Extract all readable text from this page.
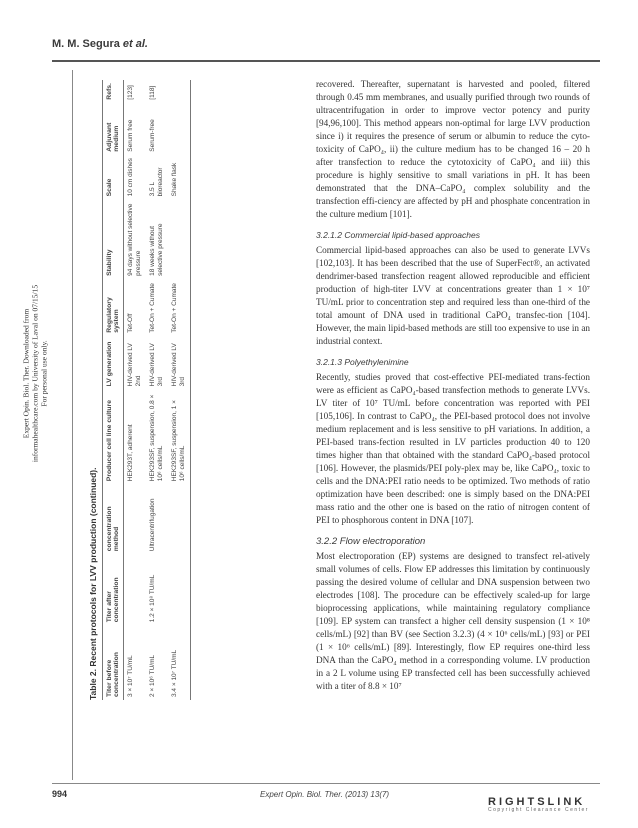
M. M. Segura et al.
Expert Opin. Biol. Ther. Downloaded from informahealthcare.com by University of Laval on 07/15/15 For personal use only.
Table 2. Recent protocols for LVV production (continued). Titer before concentration	Titer after concentration	concentration method	Producer cell line culture	LV generation	Regulatory system	Stability	Scale	Adjuvant medium	Refs.
3 × 10⁷ TU/mL			HEK293T, adherent	HIV-derived LV 2nd	Tet-Off	94 days without selective pressure	10 cm dishes	Serum free	[123]
2 × 10⁶ TU/mL	1.2 × 10⁸ TU/mL	Ultracentrifugation	HEK293SF, suspension, 0.8 × 10⁶ cells/mL	HIV-derived LV 3rd	Tet-On + Cumate	18 weeks without selective pressure	3.5 L bioreactor	Serum-free	[118]
3.4 × 10⁷ TU/mL			HEK293SF, suspension, 1 × 10⁶ cells/mL	HIV-derived LV 3rd	Tet-On + Cumate		Shake flask		

recovered. Thereafter, supernatant is harvested and pooled, filtered through 0.45 mm membranes, and usually purified through two rounds of ultracentrifugation in order to improve vector potency and purity [94,96,100]. This method appears non-optimal for large LVV production since i) it requires the presence of serum or albumin to reduce the cyto-toxicity of CaPO₄, ii) the culture medium has to be changed 16 – 20 h after transfection to reduce the cytotoxicity of CaPO₄ and iii) this procedure is highly sensitive to small variations in pH. It has been demonstrated that the DNA–CaPO₄ complex solubility and the transfection effi-ciency are affected by pH and phosphate concentration in the culture medium [101].

3.2.1.2 Commercial lipid-based approaches

Commercial lipid-based approaches can also be used to generate LVVs [102,103]. It has been described that the use of SuperFect®, an activated dendrimer-based transfection reagent allowed reproducible and efficient production of high-titer LVV at concentrations greater than 1 × 10⁷ TU/mL prior to concentration step and required less than one-third of the total amount of DNA used in traditional CaPO₄ transfec-tion [104]. However, the main lipid-based methods are still too expensive to use in an industrial context.

3.2.1.3 Polyethylenimine

Recently, studies proved that cost-effective PEI-mediated trans-fection were as efficient as CaPO₄-based transfection methods to generate LVVs. LV titer of 10⁷ TU/mL before concentration was reported with PEI [105,106]. In contrast to CaPO₄, the PEI-based protocol does not involve medium replacement and is less sensitive to pH variations. In addition, a PEI-based trans-fection resulted in LV particles production 40 to 120 times higher than that obtained with the standard CaPO₄-based protocol [106]. However, the plasmids/PEI poly-plex may be, like CaPO₄, toxic to cells and the DNA:PEI ratio needs to be optimized. Two methods of ratio optimization have been described: one is simply based on the DNA:PEI mass ratio and the other one is based on the ratio of nitrogen content of PEI to phosphorous content in DNA [107].

3.2.2 Flow electroporation

Most electroporation (EP) systems are designed to transfect rel-atively small volumes of cells. Flow EP addresses this limitation by continuously passing the desired volume of cellular and DNA suspension between two electrodes [108]. The procedure can be effectively scaled-up for large bioprocessing applications, while maintaining regulatory compliance [109]. EP system can transfect a higher cell density suspension (1 × 10⁸ cells/mL) [92] than BV (see Section 3.2.3) (4 × 10⁶ cells/mL) [93] or PEI (1 × 10⁶ cells/mL) [89]. Interestingly, flow EP requires one-third less DNA than the CaPO₄ method in a corresponding volume. LV production in a 2 L volume using EP transfected cell has been successfully achieved with a titer of 8.8 × 10⁷

994	Expert Opin. Biol. Ther. (2013) 13(7)
RIGHTSLINK
Copyright Clearance Center
